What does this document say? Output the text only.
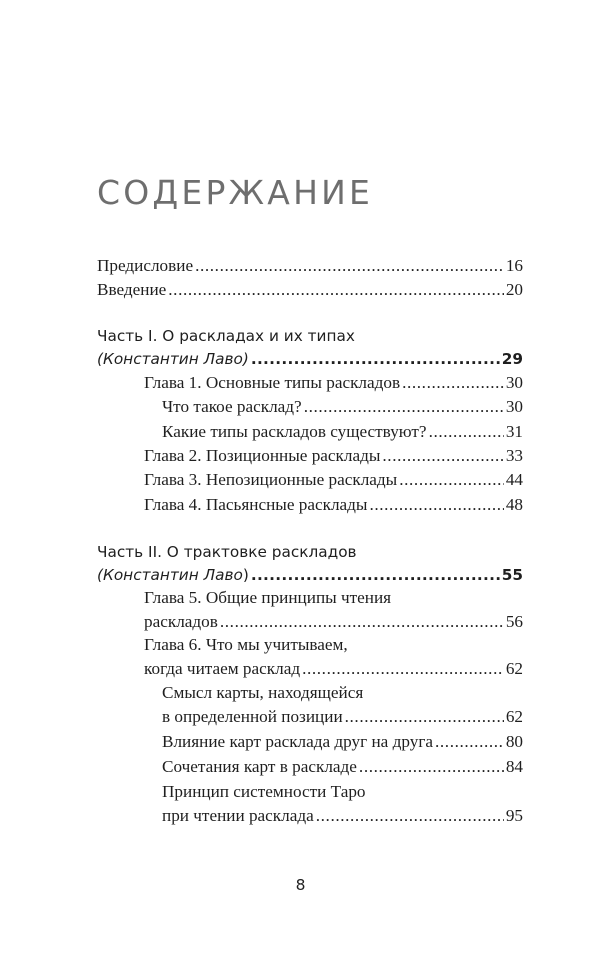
СОДЕРЖАНИЕ
Предисловие .....	16
Введение .....	20
Часть I. О раскладах и их типах
(Константин Лаво) .....	29
Глава 1. Основные типы раскладов .....	30
Что такое расклад? .....	30
Какие типы раскладов существуют? .....	31
Глава 2. Позиционные расклады .....	33
Глава 3. Непозиционные расклады .....	44
Глава 4. Пасьянсные расклады .....	48
Часть II. О трактовке раскладов
(Константин Лаво) .....	55
Глава 5. Общие принципы чтения
раскладов .....	56
Глава 6. Что мы учитываем,
когда читаем расклад .....	62
Смысл карты, находящейся
в определенной позиции .....	62
Влияние карт расклада друг на друга .....	80
Сочетания карт в раскладе .....	84
Принцип системности Таро
при чтении расклада .....	95
8
